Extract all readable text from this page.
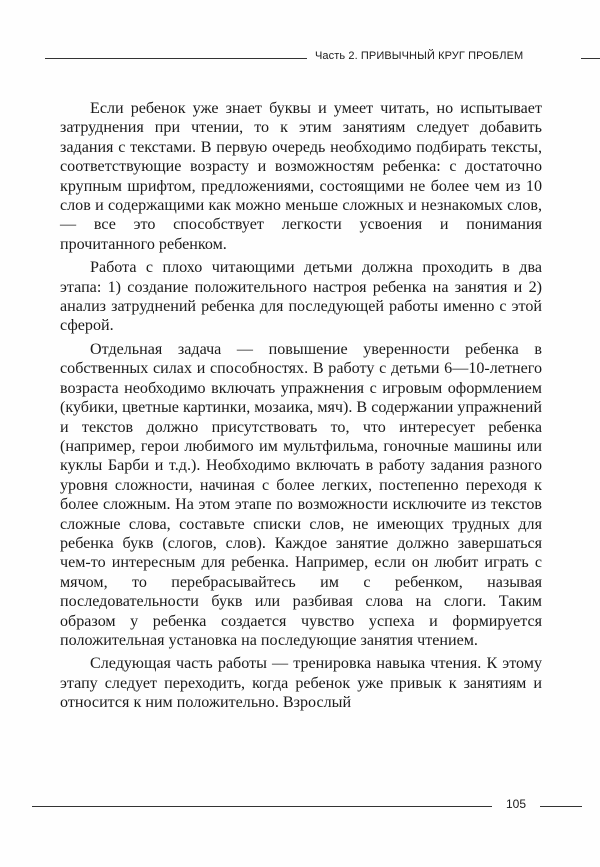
Часть 2. ПРИВЫЧНЫЙ КРУГ ПРОБЛЕМ

Если ребенок уже знает буквы и умеет читать, но испытывает затруднения при чтении, то к этим занятиям следует добавить задания с текстами. В первую очередь необходимо подбирать тексты, соответствующие возрасту и возможностям ребенка: с достаточно крупным шрифтом, предложениями, состоящими не более чем из 10 слов и содержащими как можно меньше сложных и незнакомых слов, — все это способствует легкости усвоения и понимания прочитанного ребенком.

Работа с плохо читающими детьми должна проходить в два этапа: 1) создание положительного настроя ребенка на занятия и 2) анализ затруднений ребенка для последующей работы именно с этой сферой.

Отдельная задача — повышение уверенности ребенка в собственных силах и способностях. В работу с детьми 6—10-летнего возраста необходимо включать упражнения с игровым оформлением (кубики, цветные картинки, мозаика, мяч). В содержании упражнений и текстов должно присутствовать то, что интересует ребенка (например, герои любимого им мультфильма, гоночные машины или куклы Барби и т.д.). Необходимо включать в работу задания разного уровня сложности, начиная с более легких, постепенно переходя к более сложным. На этом этапе по возможности исключите из текстов сложные слова, составьте списки слов, не имеющих трудных для ребенка букв (слогов, слов). Каждое занятие должно завершаться чем-то интересным для ребенка. Например, если он любит играть с мячом, то перебрасывайтесь им с ребенком, называя последовательности букв или разбивая слова на слоги. Таким образом у ребенка создается чувство успеха и формируется положительная установка на последующие занятия чтением.

Следующая часть работы — тренировка навыка чтения. К этому этапу следует переходить, когда ребенок уже привык к занятиям и относится к ним положительно. Взрослый

105
